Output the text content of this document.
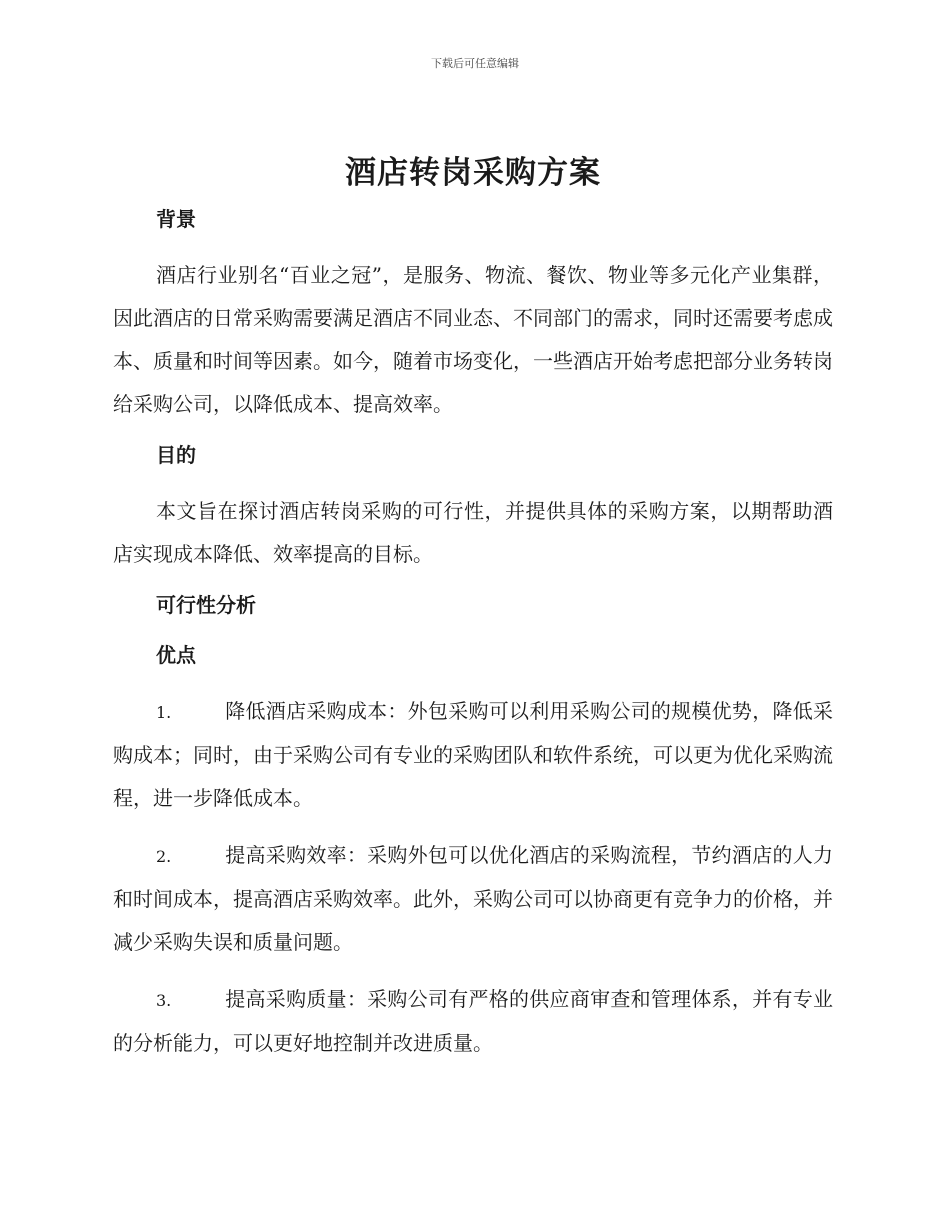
下载后可任意编辑
酒店转岗采购方案
背景

酒店行业别名“百业之冠”，是服务、物流、餐饮、物业等多元化产业集群，因此酒店的日常采购需要满足酒店不同业态、不同部门的需求，同时还需要考虑成本、质量和时间等因素。如今，随着市场变化，一些酒店开始考虑把部分业务转岗给采购公司，以降低成本、提高效率。

目的

本文旨在探讨酒店转岗采购的可行性，并提供具体的采购方案，以期帮助酒店实现成本降低、效率提高的目标。

可行性分析
优点

1.	降低酒店采购成本：外包采购可以利用采购公司的规模优势，降低采购成本；同时，由于采购公司有专业的采购团队和软件系统，可以更为优化采购流程，进一步降低成本。

2.	提高采购效率：采购外包可以优化酒店的采购流程，节约酒店的人力和时间成本，提高酒店采购效率。此外，采购公司可以协商更有竞争力的价格，并减少采购失误和质量问题。

3.	提高采购质量：采购公司有严格的供应商审查和管理体系，并有专业的分析能力，可以更好地控制并改进质量。
